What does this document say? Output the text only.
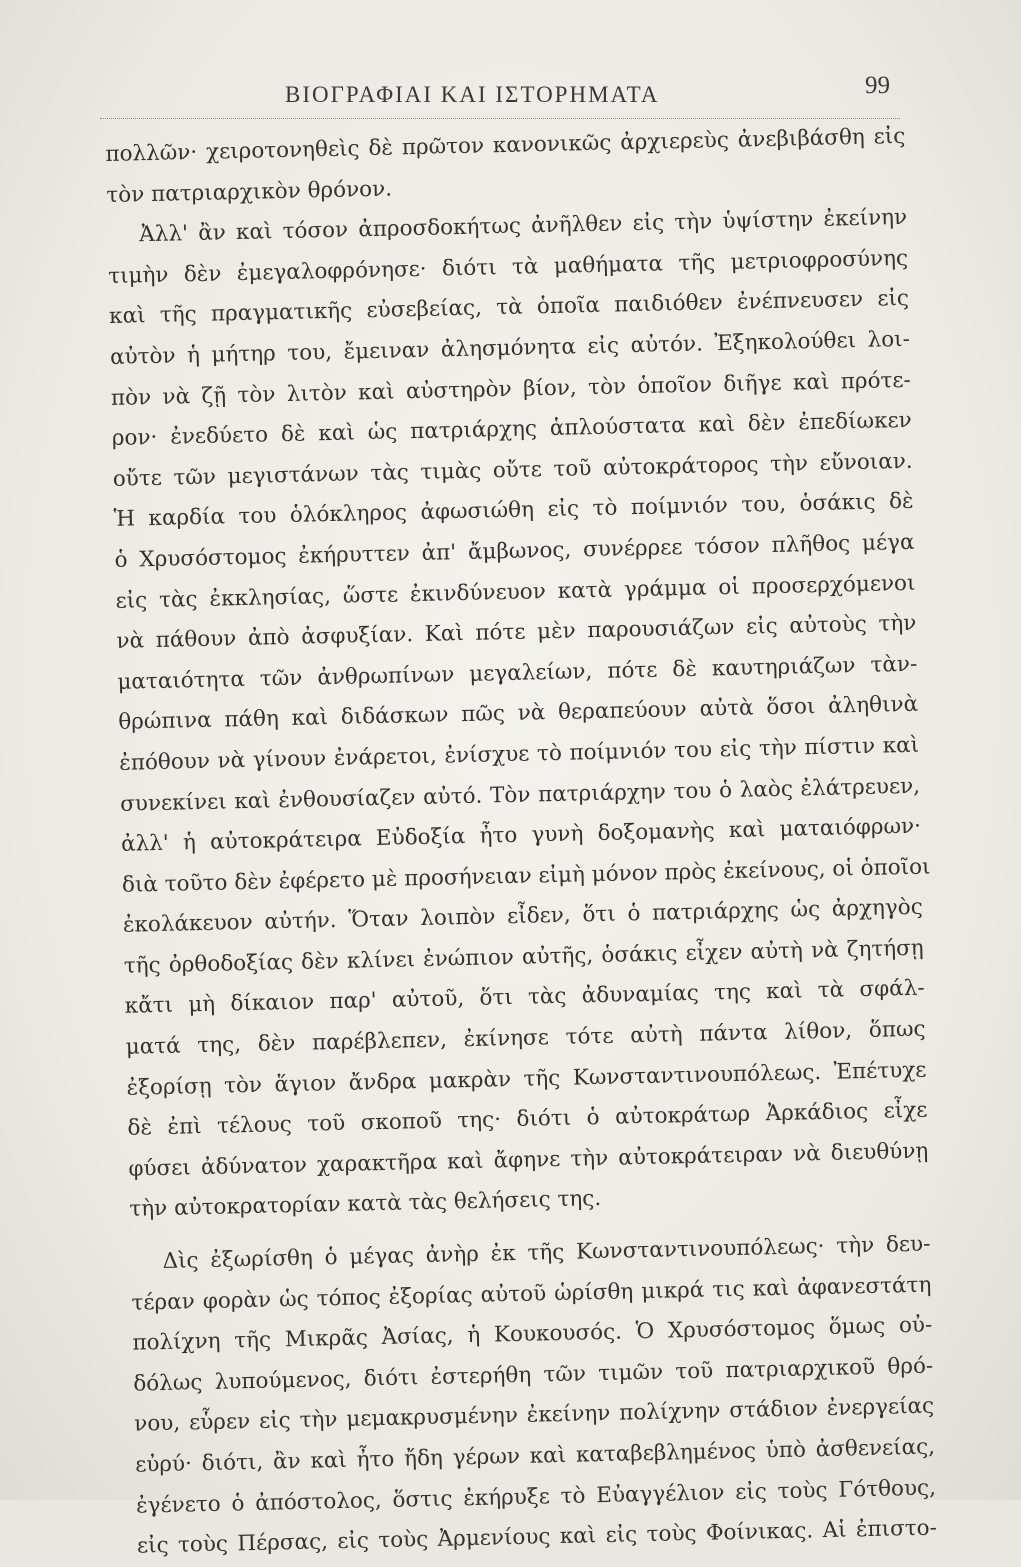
ΒΙΟΓΡΑΦΙΑΙ ΚΑΙ ΙΣΤΟΡΗΜΑΤΑ	99
πολλῶν· χειροτονηθεὶς δὲ πρῶτον κανονικῶς ἀρχιερεὺς ἀνεβιβάσθη εἰς
τὸν πατριαρχικὸν θρόνον.
Ἀλλ' ἂν καὶ τόσον ἀπροσδοκήτως ἀνῆλθεν εἰς τὴν ὑψίστην ἐκείνην
τιμὴν δὲν ἐμεγαλοφρόνησε· διότι τὰ μαθήματα τῆς μετριοφροσύνης
καὶ τῆς πραγματικῆς εὐσεβείας, τὰ ὁποῖα παιδιόθεν ἐνέπνευσεν εἰς
αὐτὸν ἡ μήτηρ του, ἔμειναν ἀλησμόνητα εἰς αὐτόν. Ἐξηκολούθει λοι-
πὸν νὰ ζῇ τὸν λιτὸν καὶ αὐστηρὸν βίον, τὸν ὁποῖον διῆγε καὶ πρότε-
ρον· ἐνεδύετο δὲ καὶ ὡς πατριάρχης ἁπλούστατα καὶ δὲν ἐπεδίωκεν
οὔτε τῶν μεγιστάνων τὰς τιμὰς οὔτε τοῦ αὐτοκράτορος τὴν εὔνοιαν.
Ἡ καρδία του ὁλόκληρος ἀφωσιώθη εἰς τὸ ποίμνιόν του, ὁσάκις δὲ
ὁ Χρυσόστομος ἐκήρυττεν ἀπ' ἄμβωνος, συνέρρεε τόσον πλῆθος μέγα
εἰς τὰς ἐκκλησίας, ὥστε ἐκινδύνευον κατὰ γράμμα οἱ προσερχόμενοι
νὰ πάθουν ἀπὸ ἀσφυξίαν. Καὶ πότε μὲν παρουσιάζων εἰς αὐτοὺς τὴν
ματαιότητα τῶν ἀνθρωπίνων μεγαλείων, πότε δὲ καυτηριάζων τὰν-
θρώπινα πάθη καὶ διδάσκων πῶς νὰ θεραπεύουν αὐτὰ ὅσοι ἀληθινὰ
ἐπόθουν νὰ γίνουν ἐνάρετοι, ἐνίσχυε τὸ ποίμνιόν του εἰς τὴν πίστιν καὶ
συνεκίνει καὶ ἐνθουσίαζεν αὐτό. Τὸν πατριάρχην του ὁ λαὸς ἐλάτρευεν,
ἀλλ' ἡ αὐτοκράτειρα Εὐδοξία ἦτο γυνὴ δοξομανὴς καὶ ματαιόφρων·
διὰ τοῦτο δὲν ἐφέρετο μὲ προσήνειαν εἰμὴ μόνον πρὸς ἐκείνους, οἱ ὁποῖοι
ἐκολάκευον αὐτήν. Ὅταν λοιπὸν εἶδεν, ὅτι ὁ πατριάρχης ὡς ἀρχηγὸς
τῆς ὀρθοδοξίας δὲν κλίνει ἐνώπιον αὐτῆς, ὁσάκις εἶχεν αὐτὴ νὰ ζητήσῃ
κἄτι μὴ δίκαιον παρ' αὐτοῦ, ὅτι τὰς ἀδυναμίας της καὶ τὰ σφάλ-
ματά της, δὲν παρέβλεπεν, ἐκίνησε τότε αὐτὴ πάντα λίθον, ὅπως
ἐξορίσῃ τὸν ἅγιον ἄνδρα μακρὰν τῆς Κωνσταντινουπόλεως. Ἐπέτυχε
δὲ ἐπὶ τέλους τοῦ σκοποῦ της· διότι ὁ αὐτοκράτωρ Ἀρκάδιος εἶχε
φύσει ἀδύνατον χαρακτῆρα καὶ ἄφηνε τὴν αὐτοκράτειραν νὰ διευθύνῃ
τὴν αὐτοκρατορίαν κατὰ τὰς θελήσεις της.
Δὶς ἐξωρίσθη ὁ μέγας ἀνὴρ ἐκ τῆς Κωνσταντινουπόλεως· τὴν δευ-
τέραν φορὰν ὡς τόπος ἐξορίας αὐτοῦ ὡρίσθη μικρά τις καὶ ἀφανεστάτη
πολίχνη τῆς Μικρᾶς Ἀσίας, ἡ Κουκουσός. Ὁ Χρυσόστομος ὅμως οὐ-
δόλως λυπούμενος, διότι ἐστερήθη τῶν τιμῶν τοῦ πατριαρχικοῦ θρό-
νου, εὗρεν εἰς τὴν μεμακρυσμένην ἐκείνην πολίχνην στάδιον ἐνεργείας
εὐρύ· διότι, ἂν καὶ ἦτο ἤδη γέρων καὶ καταβεβλημένος ὑπὸ ἀσθενείας,
ἐγένετο ὁ ἀπόστολος, ὅστις ἐκήρυξε τὸ Εὐαγγέλιον εἰς τοὺς Γότθους,
εἰς τοὺς Πέρσας, εἰς τοὺς Ἀρμενίους καὶ εἰς τοὺς Φοίνικας. Αἱ ἐπιστο-
